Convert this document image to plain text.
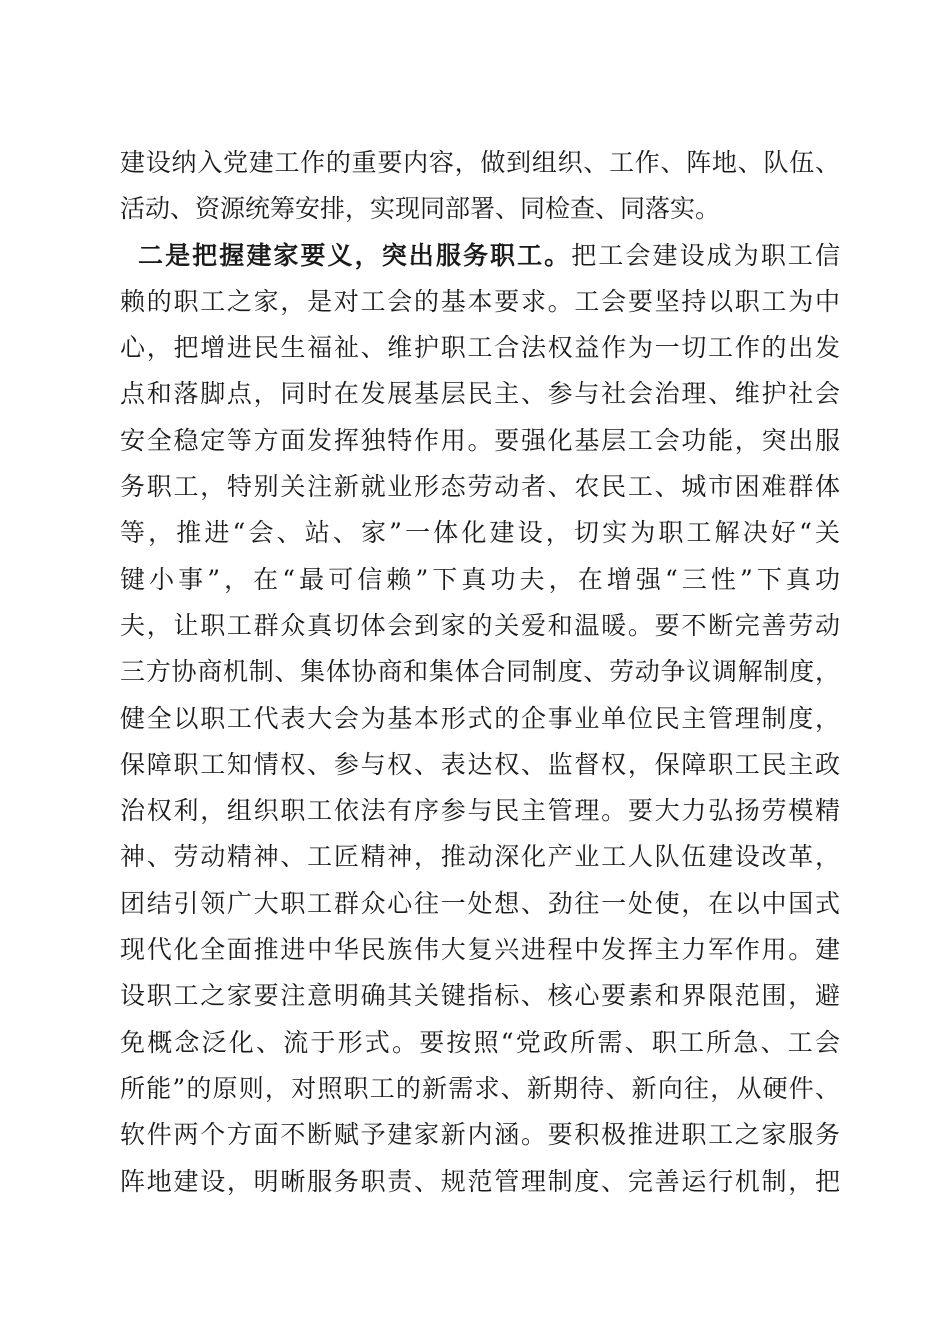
建设纳入党建工作的重要内容，做到组织、工作、阵地、队伍、
活动、资源统筹安排，实现同部署、同检查、同落实。
二是把握建家要义，突出服务职工。把工会建设成为职工信
赖的职工之家，是对工会的基本要求。工会要坚持以职工为中
心，把增进民生福祉、维护职工合法权益作为一切工作的出发
点和落脚点，同时在发展基层民主、参与社会治理、维护社会
安全稳定等方面发挥独特作用。要强化基层工会功能，突出服
务职工，特别关注新就业形态劳动者、农民工、城市困难群体
等，推进“会、站、家”一体化建设，切实为职工解决好“关
键小事”，在“最可信赖”下真功夫，在增强“三性”下真功
夫，让职工群众真切体会到家的关爱和温暖。要不断完善劳动
三方协商机制、集体协商和集体合同制度、劳动争议调解制度，
健全以职工代表大会为基本形式的企事业单位民主管理制度，
保障职工知情权、参与权、表达权、监督权，保障职工民主政
治权利，组织职工依法有序参与民主管理。要大力弘扬劳模精
神、劳动精神、工匠精神，推动深化产业工人队伍建设改革，
团结引领广大职工群众心往一处想、劲往一处使，在以中国式
现代化全面推进中华民族伟大复兴进程中发挥主力军作用。建
设职工之家要注意明确其关键指标、核心要素和界限范围，避
免概念泛化、流于形式。要按照“党政所需、职工所急、工会
所能”的原则，对照职工的新需求、新期待、新向往，从硬件、
软件两个方面不断赋予建家新内涵。要积极推进职工之家服务
阵地建设，明晰服务职责、规范管理制度、完善运行机制，把
